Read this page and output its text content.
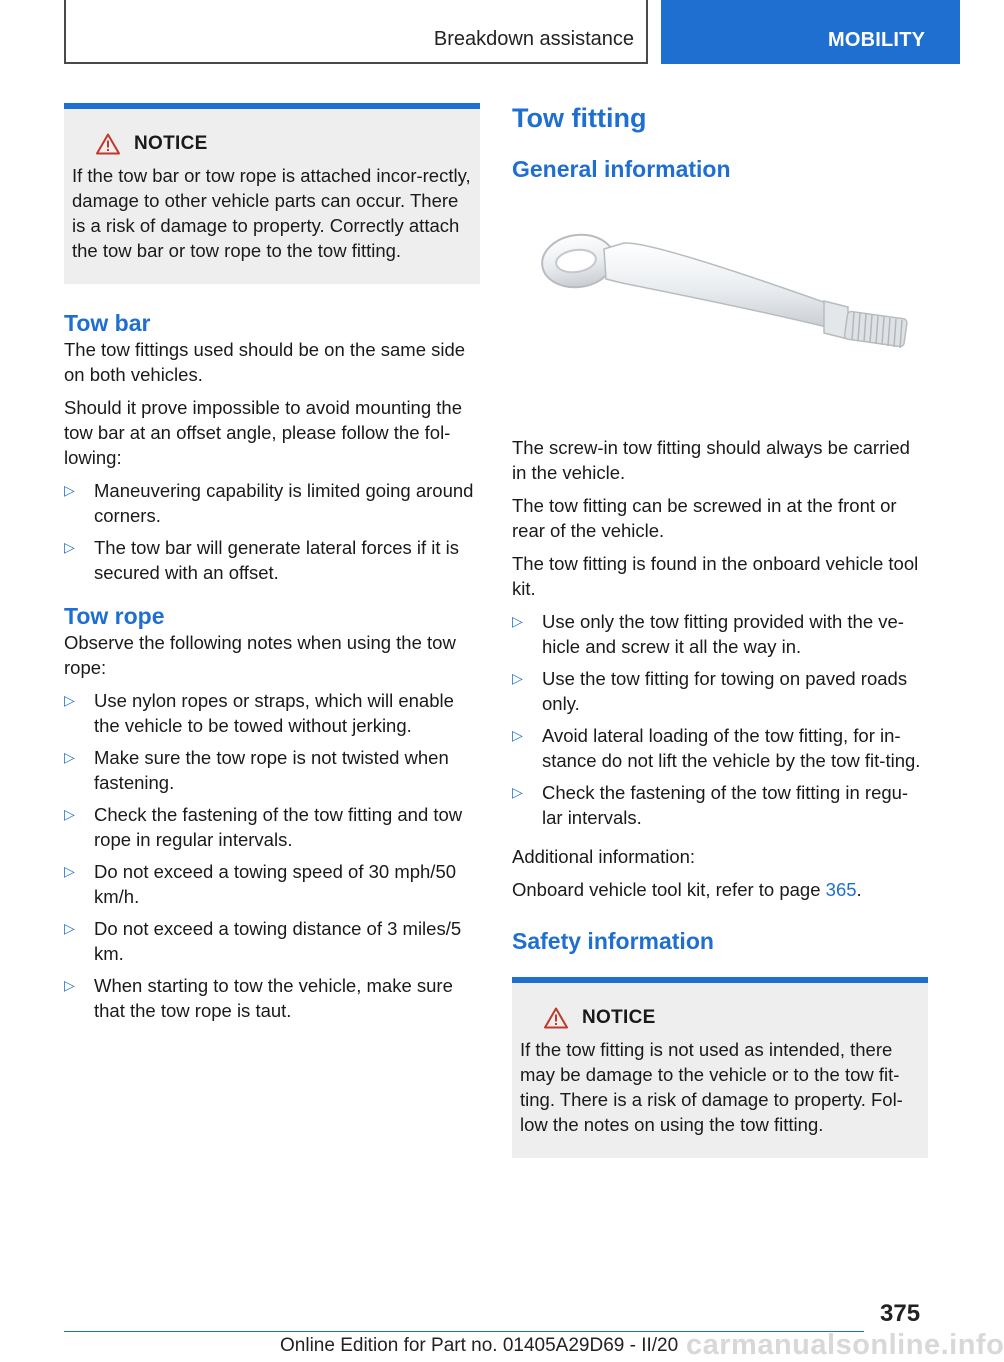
Breakdown assistance	MOBILITY
NOTICE

If the tow bar or tow rope is attached incor-rectly, damage to other vehicle parts can occur. There is a risk of damage to property. Correctly attach the tow bar or tow rope to the tow fitting.

Tow bar

The tow fittings used should be on the same side on both vehicles.

Should it prove impossible to avoid mounting the tow bar at an offset angle, please follow the fol-lowing:

▷ Maneuvering capability is limited going around corners.
▷ The tow bar will generate lateral forces if it is secured with an offset.
Tow rope

Observe the following notes when using the tow rope:

▷ Use nylon ropes or straps, which will enable the vehicle to be towed without jerking.
▷ Make sure the tow rope is not twisted when fastening.
▷ Check the fastening of the tow fitting and tow rope in regular intervals.
▷ Do not exceed a towing speed of 30 mph/50 km/h.
▷ Do not exceed a towing distance of 3 miles/5 km.
▷ When starting to tow the vehicle, make sure that the tow rope is taut.
Tow fitting
General information

The screw-in tow fitting should always be carried in the vehicle.

The tow fitting can be screwed in at the front or rear of the vehicle.

The tow fitting is found in the onboard vehicle tool kit.

▷ Use only the tow fitting provided with the ve-hicle and screw it all the way in.
▷ Use the tow fitting for towing on paved roads only.
▷ Avoid lateral loading of the tow fitting, for in-stance do not lift the vehicle by the tow fit-ting.
▷ Check the fastening of the tow fitting in regu-lar intervals.

Additional information:

Onboard vehicle tool kit, refer to page 365.

Safety information
NOTICE

If the tow fitting is not used as intended, there may be damage to the vehicle or to the tow fit-ting. There is a risk of damage to property. Fol-low the notes on using the tow fitting.

375
Online Edition for Part no. 01405A29D69 - II/20 carmanualsonline.info
